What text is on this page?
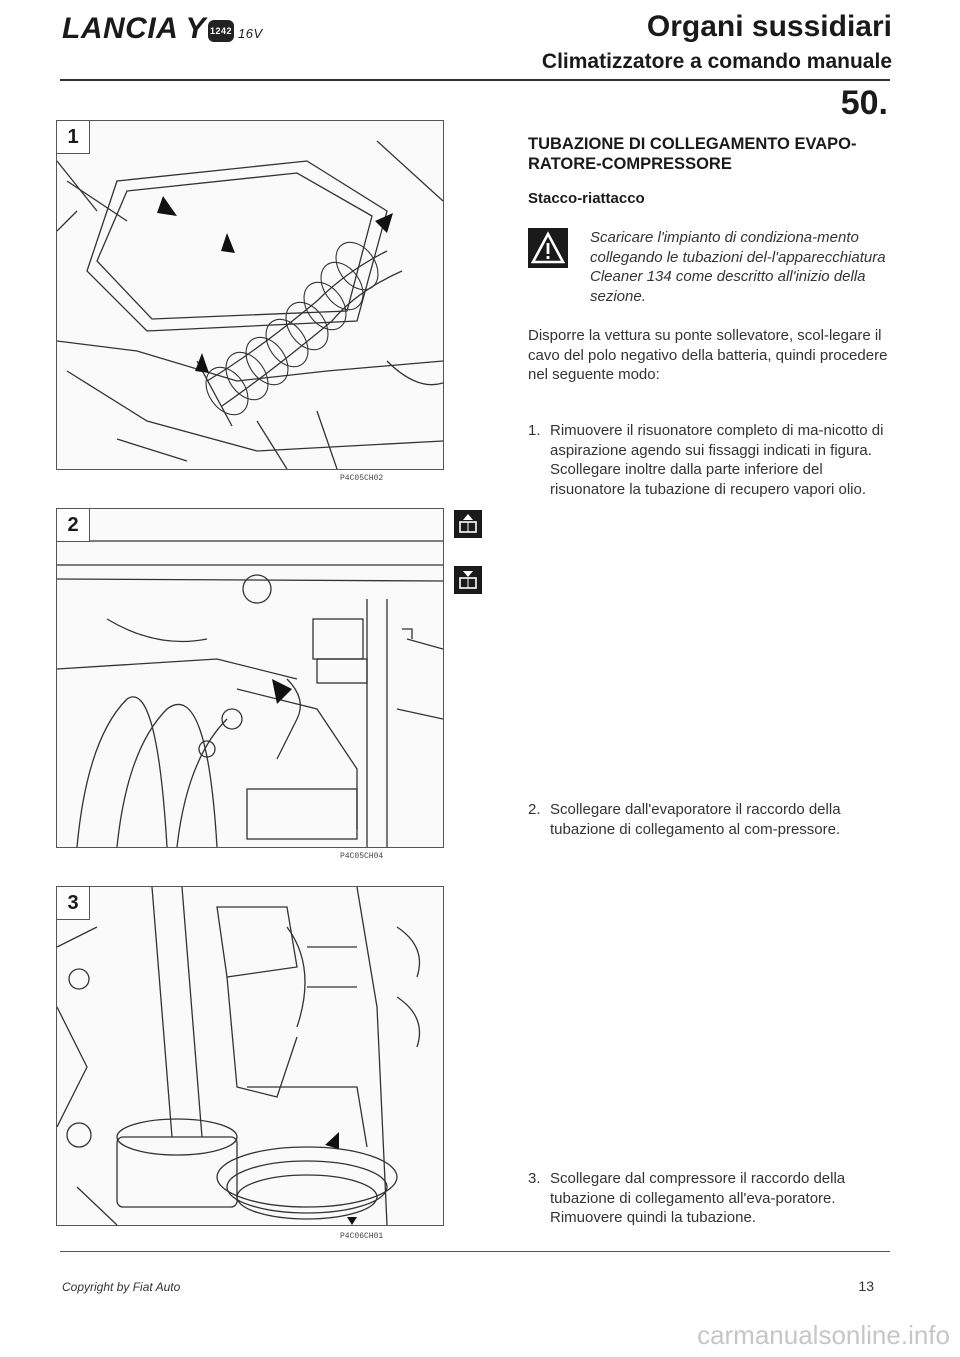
LANCIA Y 1242 16V	Organi sussidiari
Climatizzatore a comando manuale
50.
1
P4C05CH02
2
P4C05CH04
3
P4C06CH01
TUBAZIONE DI COLLEGAMENTO EVAPO-RATORE-COMPRESSORE
Stacco-riattacco
Scaricare l'impianto di condiziona-mento collegando le tubazioni del-l'apparecchiatura Cleaner 134 come descritto all'inizio della sezione.
Disporre la vettura su ponte sollevatore, scol-legare il cavo del polo negativo della batteria, quindi procedere nel seguente modo:
1. Rimuovere il risuonatore completo di ma-nicotto di aspirazione agendo sui fissaggi indicati in figura. Scollegare inoltre dalla parte inferiore del risuonatore la tubazione di recupero vapori olio.
2. Scollegare dall'evaporatore il raccordo della tubazione di collegamento al com-pressore.
3. Scollegare dal compressore il raccordo della tubazione di collegamento all'eva-poratore. Rimuovere quindi la tubazione.
Copyright by Fiat Auto	13
carmanualsonline.info
